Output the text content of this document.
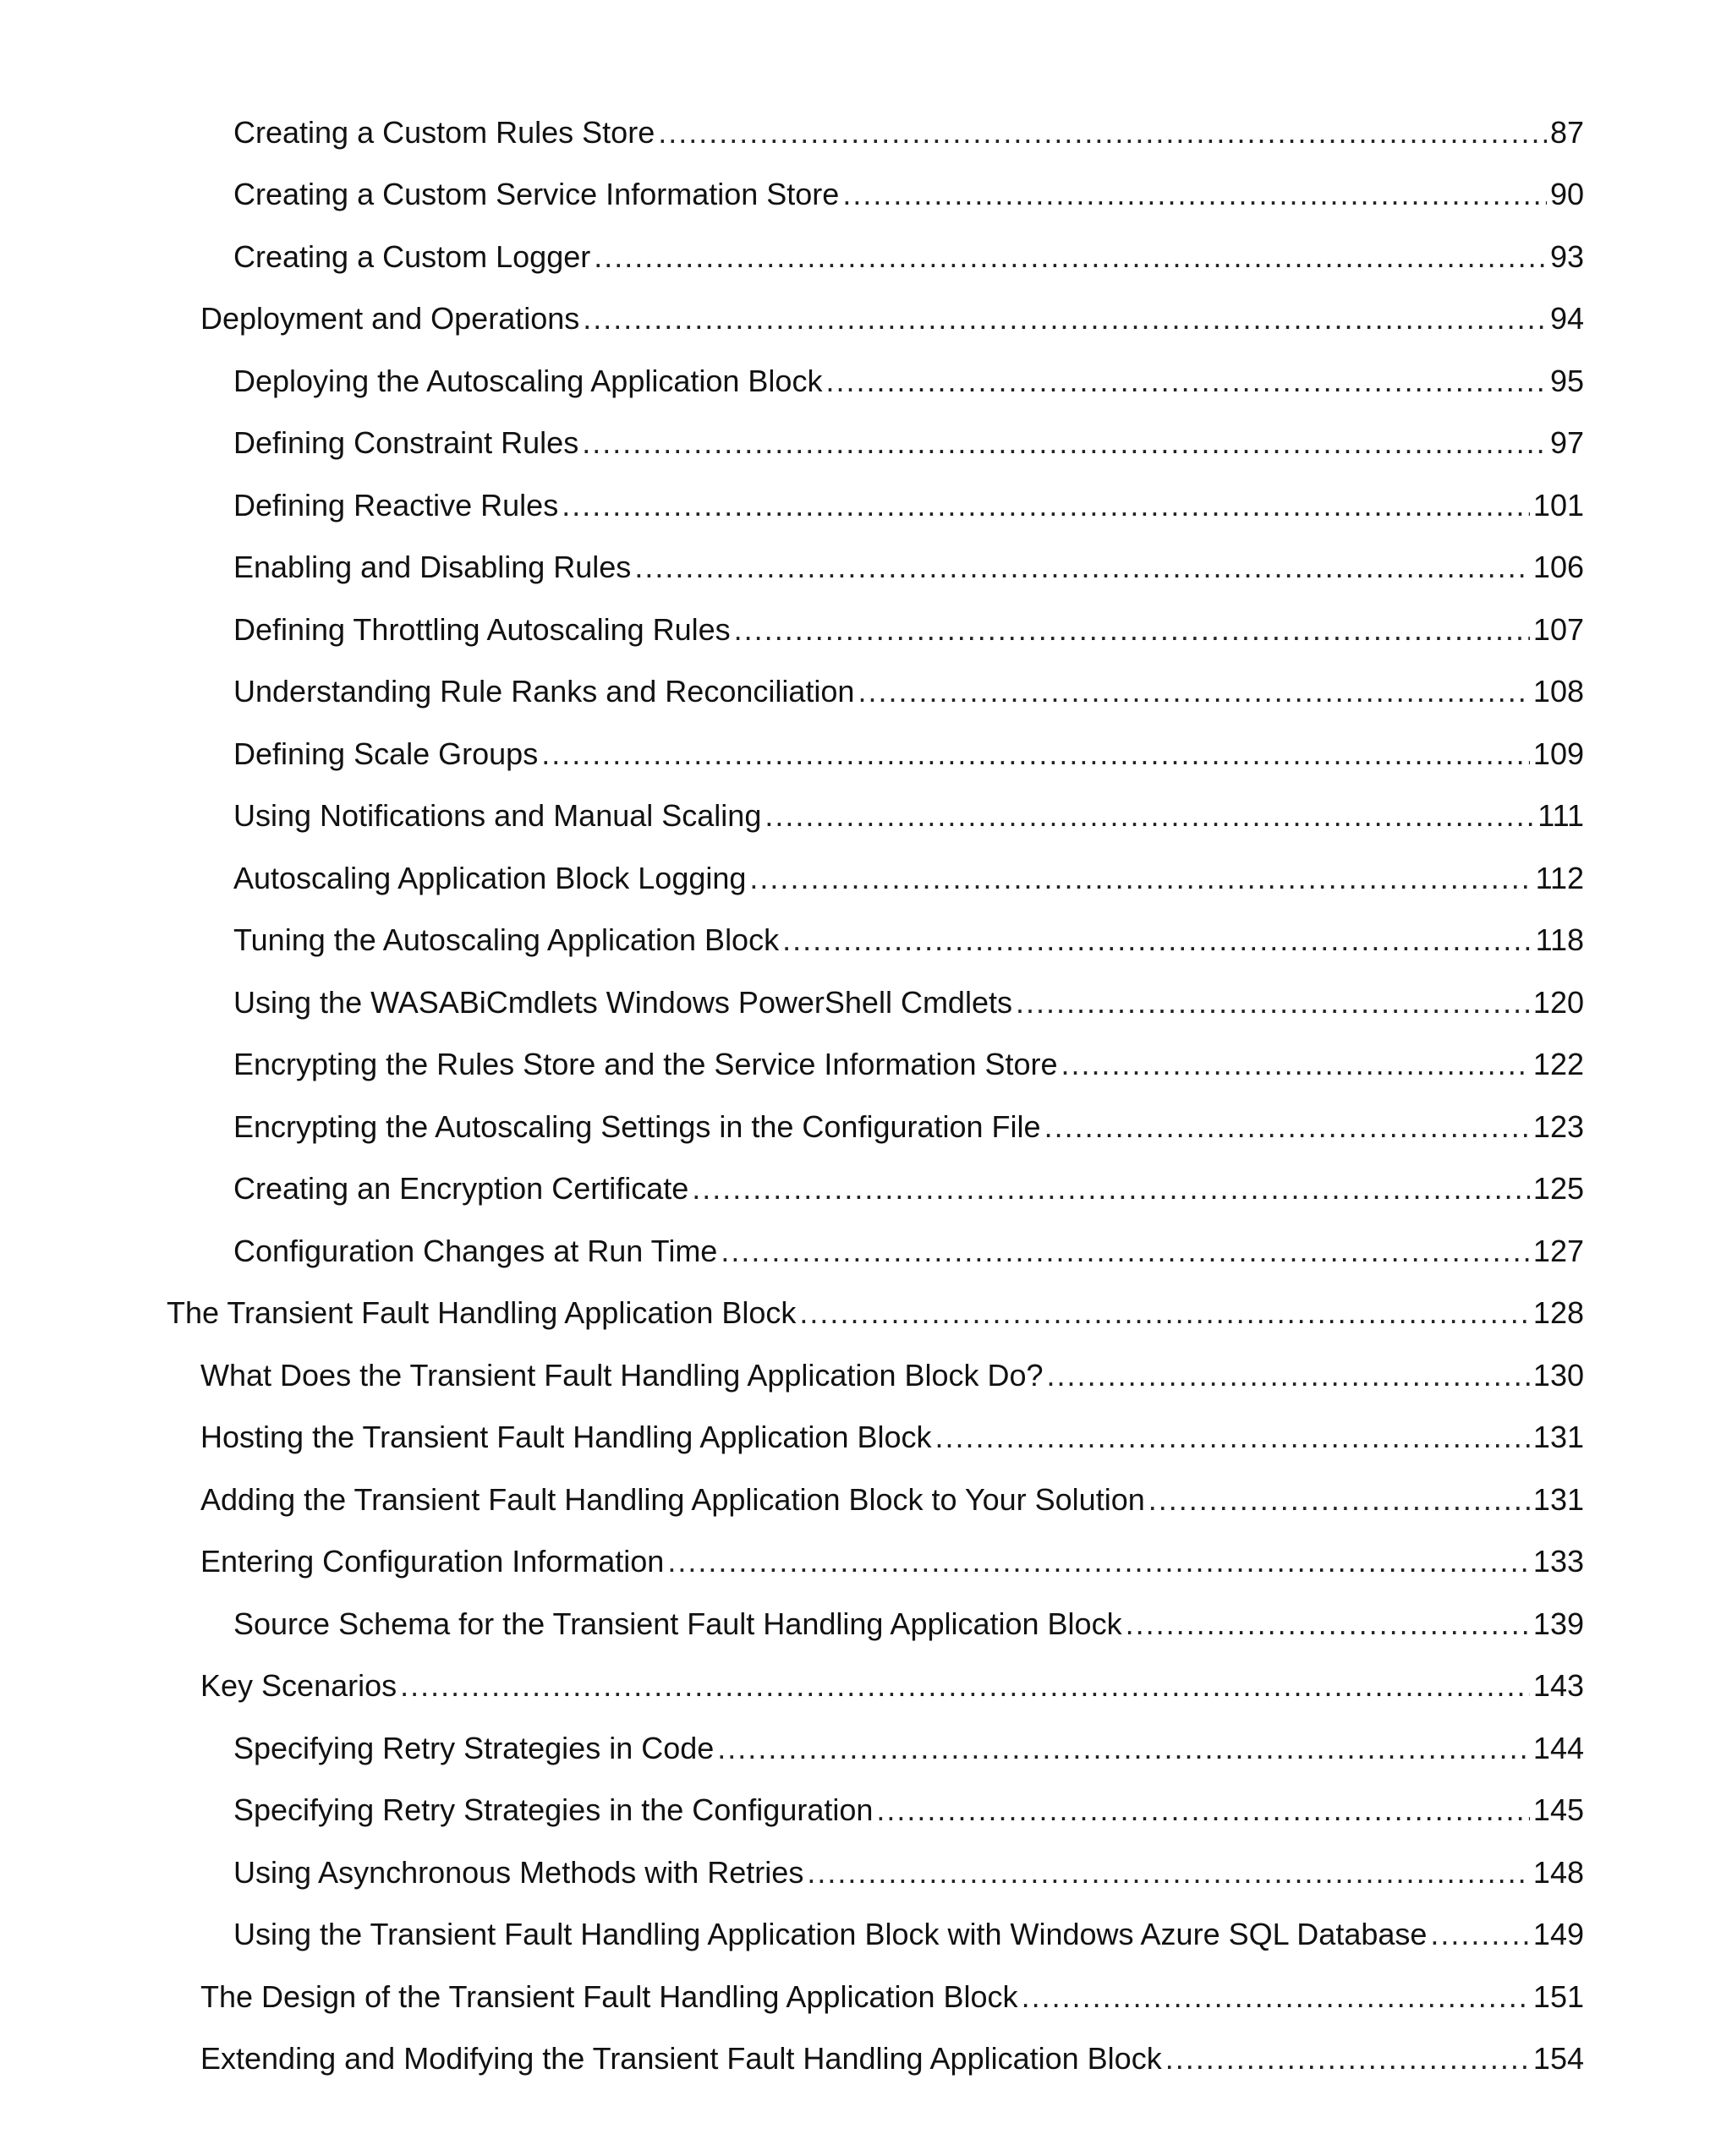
Creating a Custom Rules Store . . .	87
Creating a Custom Service Information Store . . .	90
Creating a Custom Logger . . .	93
Deployment and Operations . . .	94
Deploying the Autoscaling Application Block . . .	95
Defining Constraint Rules . . .	97
Defining Reactive Rules . . .	101
Enabling and Disabling Rules . . .	106
Defining Throttling Autoscaling Rules . . .	107
Understanding Rule Ranks and Reconciliation . . .	108
Defining Scale Groups . . .	109
Using Notifications and Manual Scaling . . .	111
Autoscaling Application Block Logging . . .	112
Tuning the Autoscaling Application Block . . .	118
Using the WASABiCmdlets Windows PowerShell Cmdlets . . .	120
Encrypting the Rules Store and the Service Information Store . . .	122
Encrypting the Autoscaling Settings in the Configuration File . . .	123
Creating an Encryption Certificate . . .	125
Configuration Changes at Run Time . . .	127
The Transient Fault Handling Application Block . . .	128
What Does the Transient Fault Handling Application Block Do? . . .	130
Hosting the Transient Fault Handling Application Block . . .	131
Adding the Transient Fault Handling Application Block to Your Solution . . .	131
Entering Configuration Information . . .	133
Source Schema for the Transient Fault Handling Application Block . . .	139
Key Scenarios . . .	143
Specifying Retry Strategies in Code . . .	144
Specifying Retry Strategies in the Configuration . . .	145
Using Asynchronous Methods with Retries . . .	148
Using the Transient Fault Handling Application Block with Windows Azure SQL Database . . .	149
The Design of the Transient Fault Handling Application Block . . .	151
Extending and Modifying the Transient Fault Handling Application Block . . .	154
